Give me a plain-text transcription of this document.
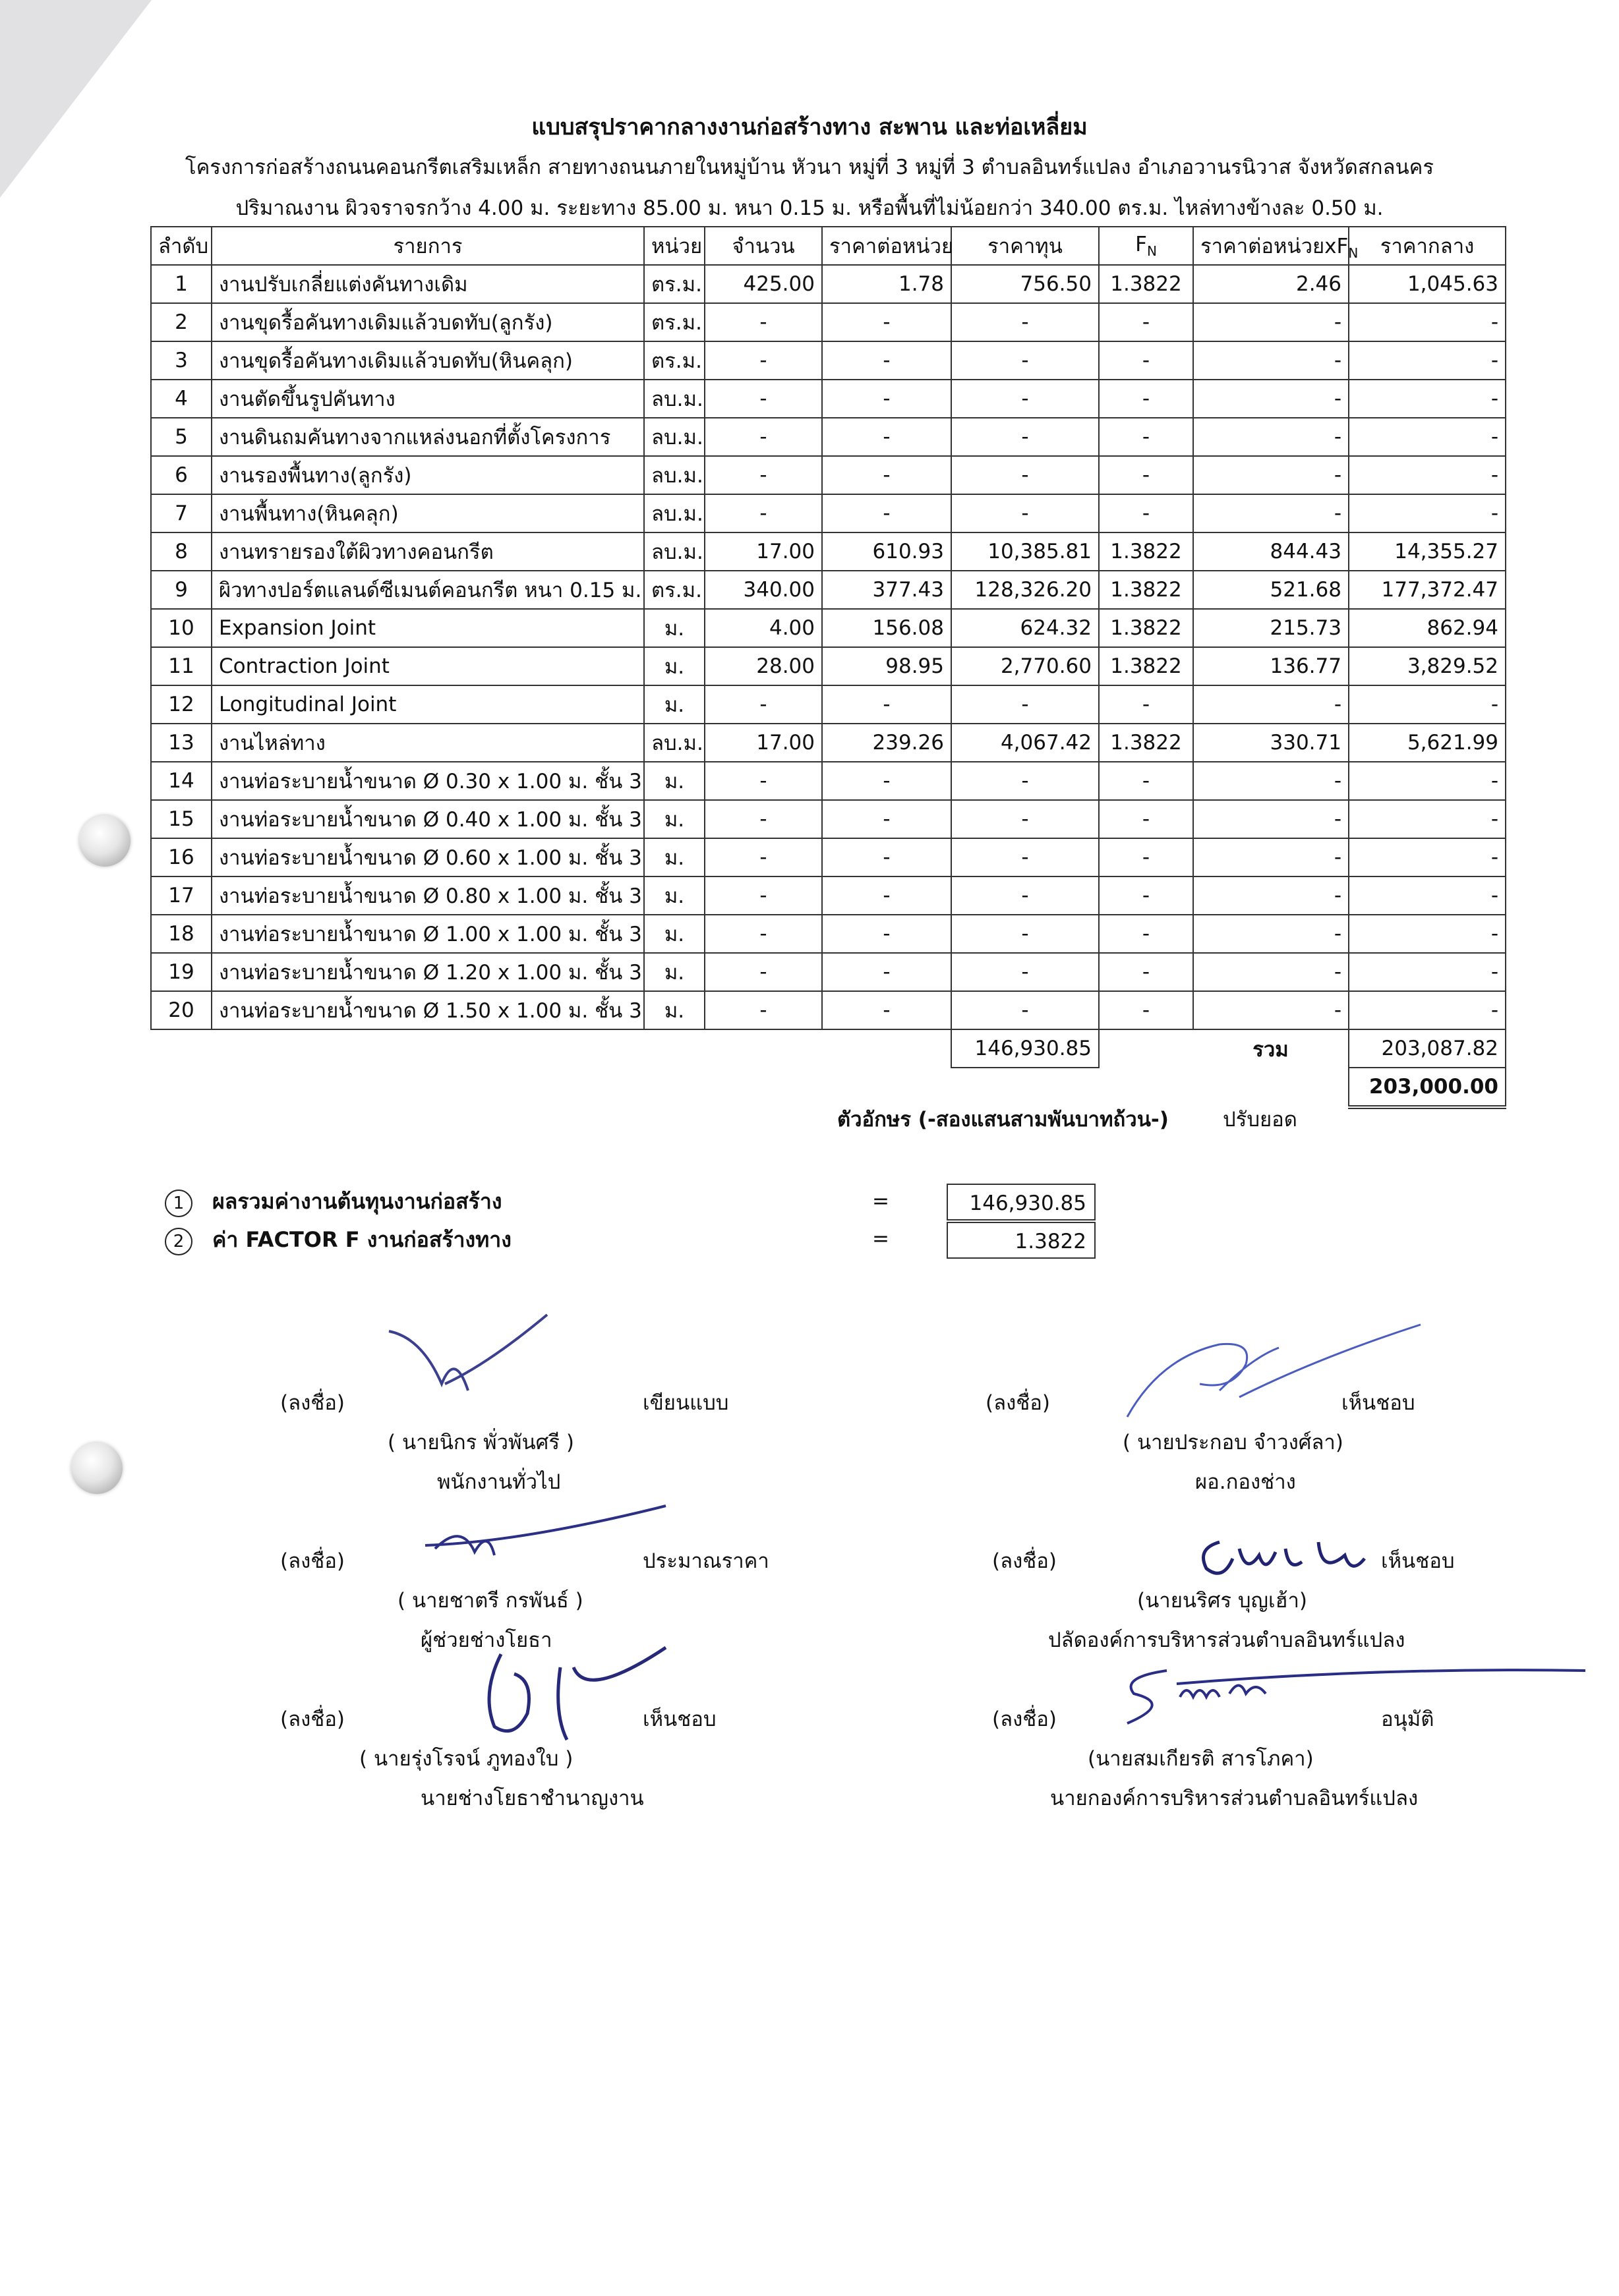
แบบสรุปราคากลางงานก่อสร้างทาง สะพาน และท่อเหลี่ยม
โครงการก่อสร้างถนนคอนกรีตเสริมเหล็ก สายทางถนนภายในหมู่บ้าน หัวนา หมู่ที่ 3 หมู่ที่ 3 ตำบลอินทร์แปลง อำเภอวานรนิวาส จังหวัดสกลนคร
ปริมาณงาน ผิวจราจรกว้าง 4.00 ม. ระยะทาง 85.00 ม. หนา 0.15 ม. หรือพื้นที่ไม่น้อยกว่า 340.00 ตร.ม. ไหล่ทางข้างละ 0.50 ม.
ลำดับ	รายการ	หน่วย	จำนวน	ราคาต่อหน่วย	ราคาทุน	$F_N$	ราคาต่อหน่วย$xF_N$	ราคากลาง
1	งานปรับเกลี่ยแต่งคันทางเดิม	ตร.ม.	425.00	1.78	756.50	1.3822	2.46	1,045.63
2	งานขุดรื้อคันทางเดิมแล้วบดทับ(ลูกรัง)	ตร.ม.	-	-	-	-	-	-
3	งานขุดรื้อคันทางเดิมแล้วบดทับ(หินคลุก)	ตร.ม.	-	-	-	-	-	-
4	งานตัดขึ้นรูปคันทาง	ลบ.ม.	-	-	-	-	-	-
5	งานดินถมคันทางจากแหล่งนอกที่ตั้งโครงการ	ลบ.ม.	-	-	-	-	-	-
6	งานรองพื้นทาง(ลูกรัง)	ลบ.ม.	-	-	-	-	-	-
7	งานพื้นทาง(หินคลุก)	ลบ.ม.	-	-	-	-	-	-
8	งานทรายรองใต้ผิวทางคอนกรีต	ลบ.ม.	17.00	610.93	10,385.81	1.3822	844.43	14,355.27
9	ผิวทางปอร์ตแลนด์ซีเมนต์คอนกรีต หนา 0.15 ม.	ตร.ม.	340.00	377.43	128,326.20	1.3822	521.68	177,372.47
10	Expansion Joint	ม.	4.00	156.08	624.32	1.3822	215.73	862.94
11	Contraction Joint	ม.	28.00	98.95	2,770.60	1.3822	136.77	3,829.52
12	Longitudinal Joint	ม.	-	-	-	-	-	-
13	งานไหล่ทาง	ลบ.ม.	17.00	239.26	4,067.42	1.3822	330.71	5,621.99
14	งานท่อระบายน้ำขนาด Ø 0.30 x 1.00 ม. ชั้น 3	ม.	-	-	-	-	-	-
15	งานท่อระบายน้ำขนาด Ø 0.40 x 1.00 ม. ชั้น 3	ม.	-	-	-	-	-	-
16	งานท่อระบายน้ำขนาด Ø 0.60 x 1.00 ม. ชั้น 3	ม.	-	-	-	-	-	-
17	งานท่อระบายน้ำขนาด Ø 0.80 x 1.00 ม. ชั้น 3	ม.	-	-	-	-	-	-
18	งานท่อระบายน้ำขนาด Ø 1.00 x 1.00 ม. ชั้น 3	ม.	-	-	-	-	-	-
19	งานท่อระบายน้ำขนาด Ø 1.20 x 1.00 ม. ชั้น 3	ม.	-	-	-	-	-	-
20	งานท่อระบายน้ำขนาด Ø 1.50 x 1.00 ม. ชั้น 3	ม.	-	-	-	-	-	-
					146,930.85		รวม	203,087.82
								203,000.00
ตัวอักษร (-สองแสนสามพันบาทถ้วน-)	ปรับยอด
1 ผลรวมค่างานต้นทุนงานก่อสร้าง	=	146,930.85
2 ค่า FACTOR F งานก่อสร้างทาง	=	1.3822
(ลงชื่อ)	เขียนแบบ
( นายนิกร พั่วพันศรี )
พนักงานทั่วไป
(ลงชื่อ)	ประมาณราคา
( นายชาตรี กรพันธ์ )
ผู้ช่วยช่างโยธา
(ลงชื่อ)	เห็นชอบ
( นายรุ่งโรจน์ ภูทองใบ )
นายช่างโยธาชำนาญงาน
(ลงชื่อ)	เห็นชอบ
( นายประกอบ จำวงศ์ลา)
ผอ.กองช่าง
(ลงชื่อ)	เห็นชอบ
(นายนริศร บุญเฮ้า)
ปลัดองค์การบริหารส่วนตำบลอินทร์แปลง
(ลงชื่อ)	อนุมัติ
(นายสมเกียรติ สารโภคา)
นายกองค์การบริหารส่วนตำบลอินทร์แปลง
